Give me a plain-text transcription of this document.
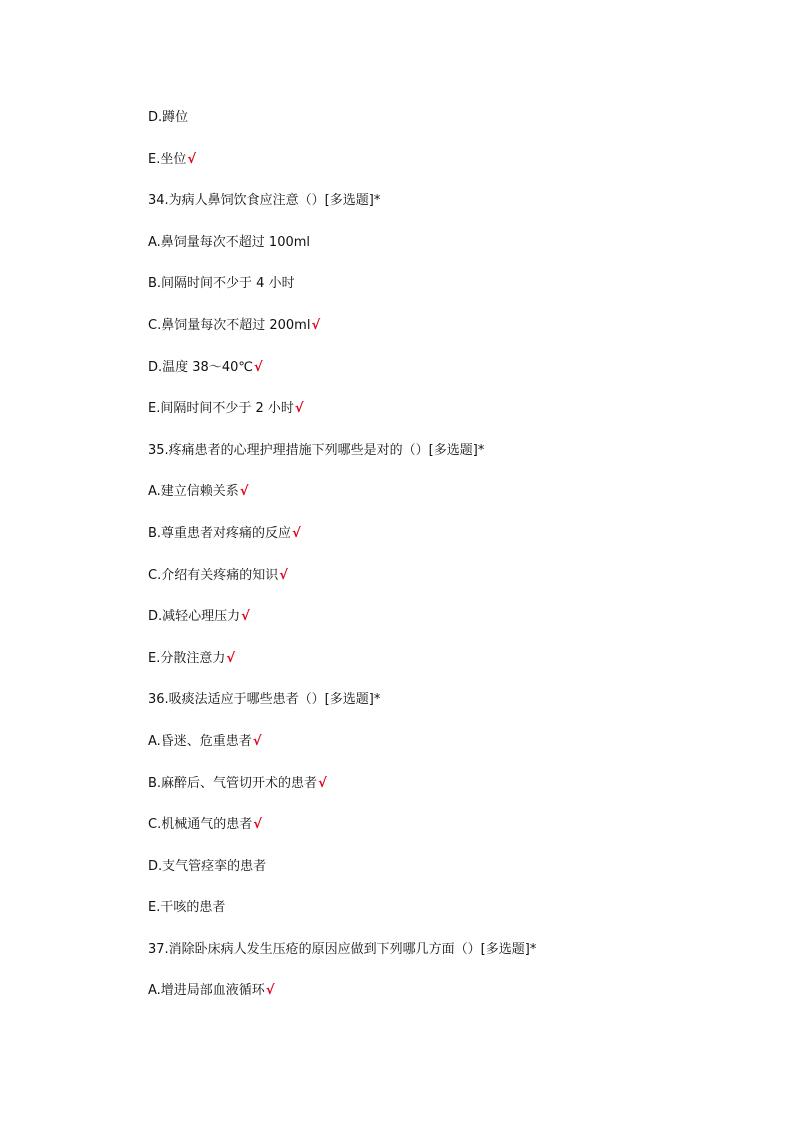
D.蹲位
E.坐位√
34.为病人鼻饲饮食应注意（）[多选题]*
A.鼻饲量每次不超过 100ml
B.间隔时间不少于 4 小时
C.鼻饲量每次不超过 200ml√
D.温度 38～40℃√
E.间隔时间不少于 2 小时√
35.疼痛患者的心理护理措施下列哪些是对的（）[多选题]*
A.建立信赖关系√
B.尊重患者对疼痛的反应√
C.介绍有关疼痛的知识√
D.减轻心理压力√
E.分散注意力√
36.吸痰法适应于哪些患者（）[多选题]*
A.昏迷、危重患者√
B.麻醉后、气管切开术的患者√
C.机械通气的患者√
D.支气管痉挛的患者
E.干咳的患者
37.消除卧床病人发生压疮的原因应做到下列哪几方面（）[多选题]*
A.增进局部血液循环√
